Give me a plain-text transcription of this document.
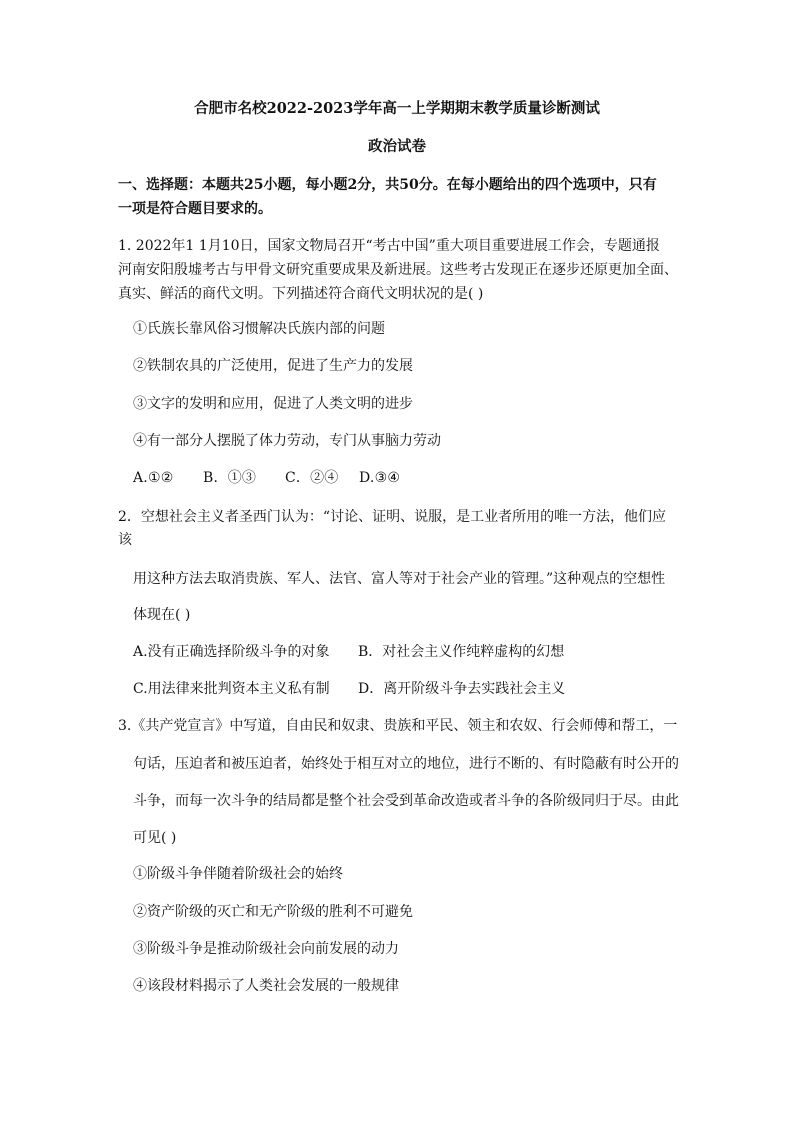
合肥市名校2022-2023学年高一上学期期末教学质量诊断测试
政治试卷
一、选择题：本题共25小题，每小题2分，共50分。在每小题给出的四个选项中，只有
一项是符合题目要求的。
1. 2022年1 1月10日，国家文物局召开“考古中国”重大项目重要进展工作会，专题通报
河南安阳殷墟考古与甲骨文研究重要成果及新进展。这些考古发现正在逐步还原更加全面、
真实、鲜活的商代文明。下列描述符合商代文明状况的是( )
①氏族长靠风俗习惯解决氏族内部的问题
②铁制农具的广泛使用，促进了生产力的发展
③文字的发明和应用，促进了人类文明的进步
④有一部分人摆脱了体力劳动，专门从事脑力劳动
A.①② B．①③ C．②④ D.③④
2．空想社会主义者圣西门认为：“讨论、证明、说服，是工业者所用的唯一方法，他们应
该
用这种方法去取消贵族、军人、法官、富人等对于社会产业的管理。”这种观点的空想性
体现在( )
A.没有正确选择阶级斗争的对象 B．对社会主义作纯粹虚构的幻想
C.用法律来批判资本主义私有制 D．离开阶级斗争去实践社会主义
3.《共产党宣言》中写道，自由民和奴隶、贵族和平民、领主和农奴、行会师傅和帮工，一
句话，压迫者和被压迫者，始终处于相互对立的地位，进行不断的、有时隐蔽有时公开的
斗争，而每一次斗争的结局都是整个社会受到革命改造或者斗争的各阶级同归于尽。由此
可见( )
①阶级斗争伴随着阶级社会的始终
②资产阶级的灭亡和无产阶级的胜利不可避免
③阶级斗争是推动阶级社会向前发展的动力
④该段材料揭示了人类社会发展的一般规律
